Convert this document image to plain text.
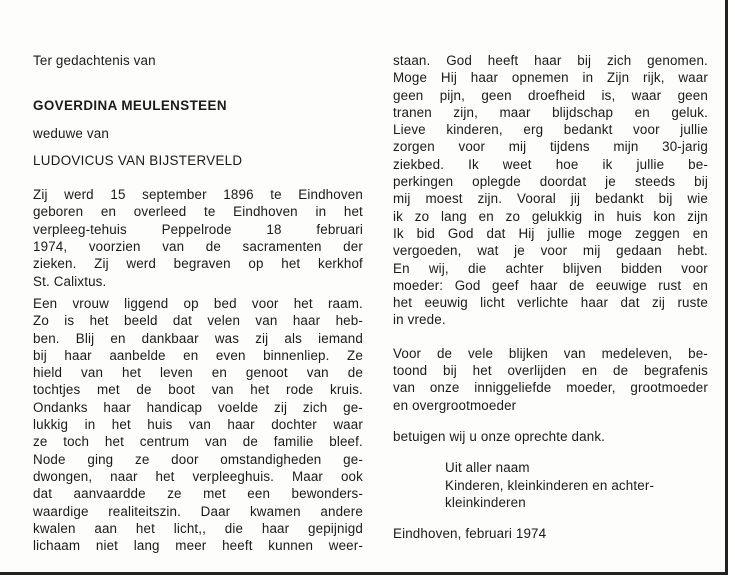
Ter gedachtenis van
GOVERDINA MEULENSTEEN
weduwe van
LUDOVICUS VAN BIJSTERVELD
Zij werd 15 september 1896 te Eindhoven
geboren en overleed te Eindhoven in het
verpleeg-tehuis	Peppelrode	18	februari
1974, voorzien van de sacramenten der
zieken. Zij werd begraven op het kerkhof
St. Calixtus.
Een vrouw liggend op bed voor het raam.
Zo is het beeld dat velen van haar heb-
ben. Blij en dankbaar was zij als iemand
bij haar aanbelde en even binnenliep. Ze
hield van het leven en genoot van de
tochtjes met de boot van het rode kruis.
Ondanks haar handicap voelde zij zich ge-
lukkig in het huis van haar dochter waar
ze toch het centrum van de familie bleef.
Node ging ze door omstandigheden ge-
dwongen, naar het verpleeghuis. Maar ook
dat aanvaardde ze met een bewonders-
waardige realiteitszin. Daar kwamen andere
kwalen aan het licht,, die haar gepijnigd
lichaam niet lang meer heeft kunnen weer-
staan. God heeft haar bij zich genomen.
Moge Hij haar opnemen in Zijn rijk, waar
geen pijn, geen droefheid is, waar geen
tranen zijn, maar blijdschap en geluk.
Lieve kinderen, erg bedankt voor jullie
zorgen voor mij tijdens mijn 30-jarig
ziekbed. Ik weet hoe ik jullie be-
perkingen oplegde doordat je steeds bij
mij moest zijn. Vooral jij bedankt bij wie
ik zo lang en zo gelukkig in huis kon zijn
Ik bid God dat Hij jullie moge zeggen en
vergoeden, wat je voor mij gedaan hebt.
En wij, die achter blijven bidden voor
moeder: God geef haar de eeuwige rust en
het eeuwig licht verlichte haar dat zij ruste
in vrede.
Voor de vele blijken van medeleven, be-
toond bij het overlijden en de begrafenis
van onze inniggeliefde moeder, grootmoeder
en overgrootmoeder
betuigen wij u onze oprechte dank.
Uit aller naam
Kinderen, kleinkinderen en achter-
kleinkinderen
Eindhoven, februari 1974
